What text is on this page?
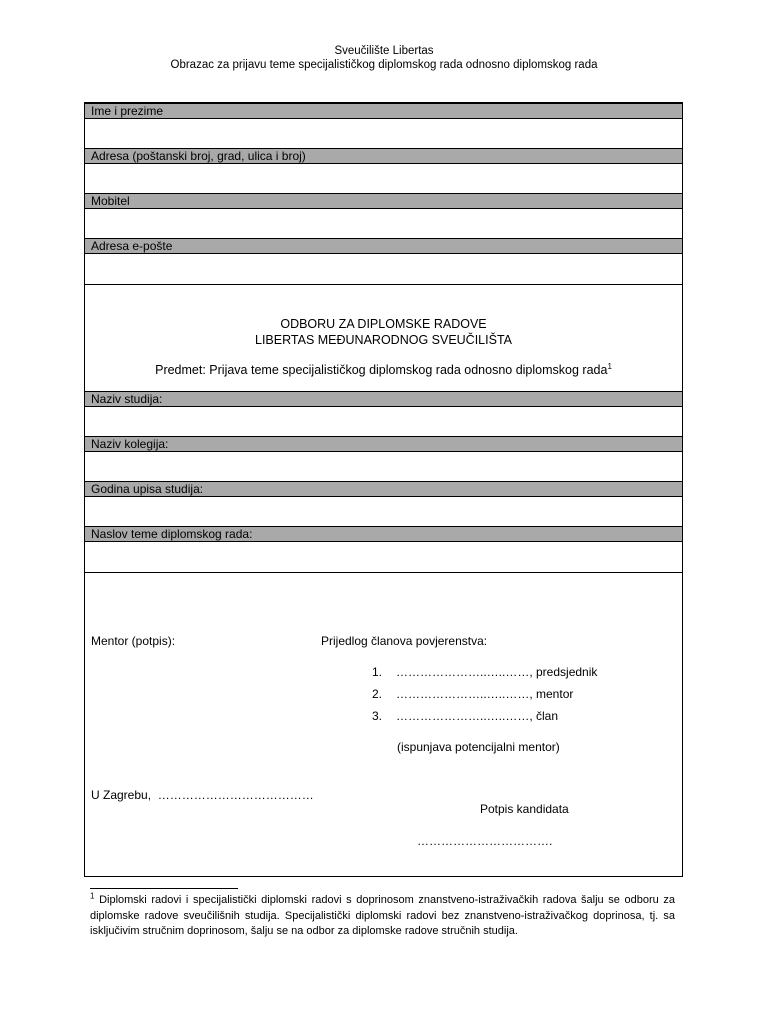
Sveučilište Libertas
Obrazac za prijavu teme specijalističkog diplomskog rada odnosno diplomskog rada
Ime i prezime
Adresa (poštanski broj, grad, ulica i broj)
Mobitel
Adresa e-pošte
ODBORU ZA DIPLOMSKE RADOVE
LIBERTAS MEĐUNARODNOG SVEUČILIŠTA
Predmet: Prijava teme specijalističkog diplomskog rada odnosno diplomskog rada$^1$
Naziv studija:
Naziv kolegija:
Godina upisa studija:
Naslov teme diplomskog rada:
Mentor (potpis):	Prijedlog članova povjerenstva:
1. …………………..…..……, predsjednik
2. …………………..…..……, mentor
3. …………………..…..……, član
(ispunjava potencijalni mentor)
U Zagrebu, …………………………………
Potpis kandidata
…………………………….
$^1$ Diplomski radovi i specijalistički diplomski radovi s doprinosom znanstveno-istraživačkih radova šalju se odboru za diplomske radove sveučilišnih studija. Specijalistički diplomski radovi bez znanstveno-istraživačkog doprinosa, tj. sa isključivim stručnim doprinosom, šalju se na odbor za diplomske radove stručnih studija.
